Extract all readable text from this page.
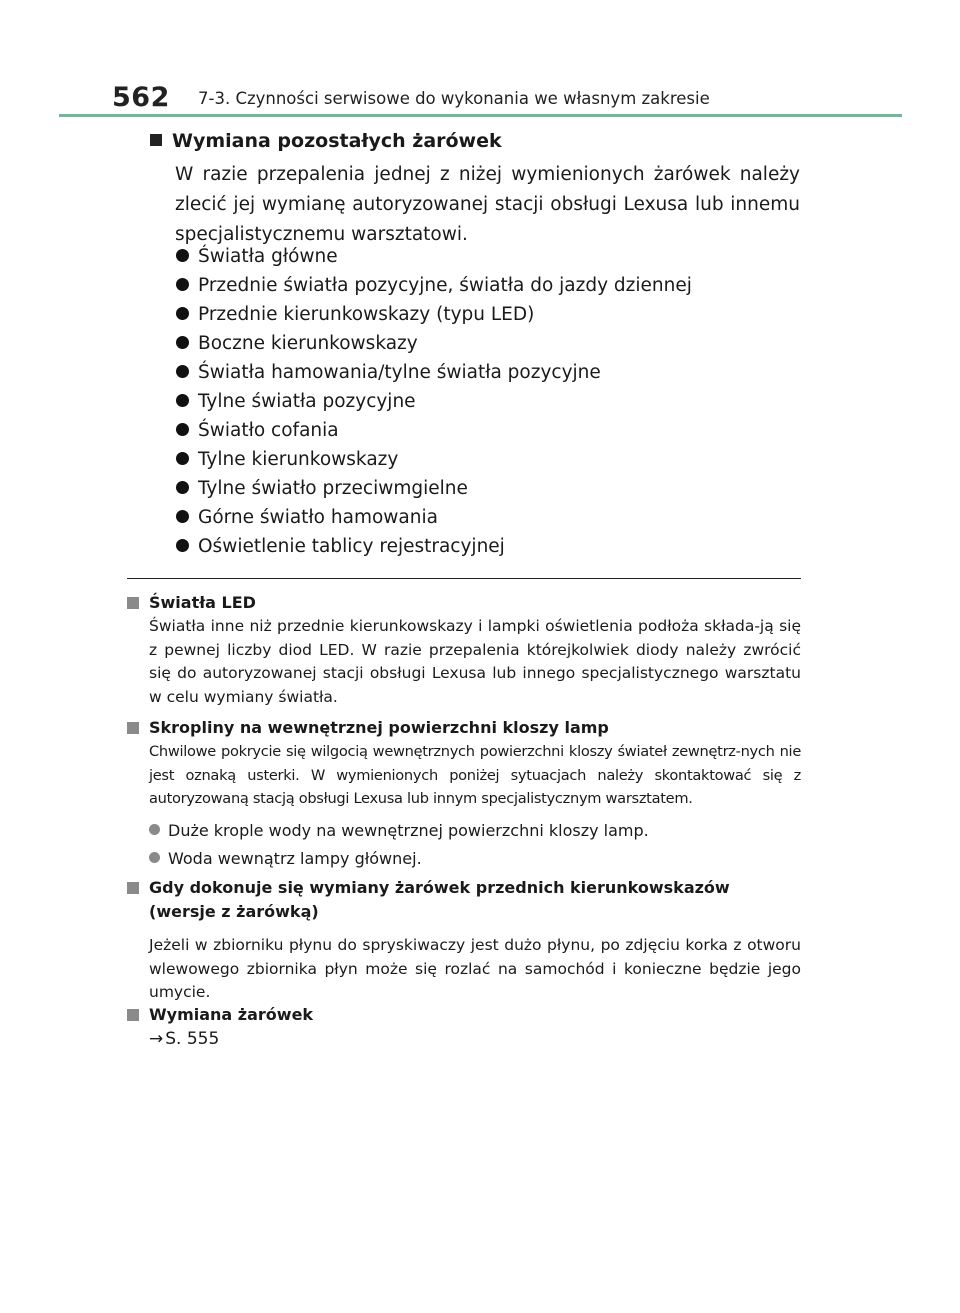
562 7-3. Czynności serwisowe do wykonania we własnym zakresie
Wymiana pozostałych żarówek
W razie przepalenia jednej z niżej wymienionych żarówek należy zlecić jej wymianę autoryzowanej stacji obsługi Lexusa lub innemu specjalistycznemu warsztatowi.
Światła główne
Przednie światła pozycyjne, światła do jazdy dziennej
Przednie kierunkowskazy (typu LED)
Boczne kierunkowskazy
Światła hamowania/tylne światła pozycyjne
Tylne światła pozycyjne
Światło cofania
Tylne kierunkowskazy
Tylne światło przeciwmgielne
Górne światło hamowania
Oświetlenie tablicy rejestracyjnej
Światła LED
Światła inne niż przednie kierunkowskazy i lampki oświetlenia podłoża składa-ją się z pewnej liczby diod LED. W razie przepalenia którejkolwiek diody należy zwrócić się do autoryzowanej stacji obsługi Lexusa lub innego specjalistycznego warsztatu w celu wymiany światła.
Skropliny na wewnętrznej powierzchni kloszy lamp
Chwilowe pokrycie się wilgocią wewnętrznych powierzchni kloszy świateł zewnętrz-nych nie jest oznaką usterki. W wymienionych poniżej sytuacjach należy skontaktować się z autoryzowaną stacją obsługi Lexusa lub innym specjalistycznym warsztatem.
Duże krople wody na wewnętrznej powierzchni kloszy lamp.
Woda wewnątrz lampy głównej.
Gdy dokonuje się wymiany żarówek przednich kierunkowskazów (wersje z żarówką)
Jeżeli w zbiorniku płynu do spryskiwaczy jest dużo płynu, po zdjęciu korka z otworu wlewowego zbiornika płyn może się rozlać na samochód i konieczne będzie jego umycie.
Wymiana żarówek
→ S. 555
